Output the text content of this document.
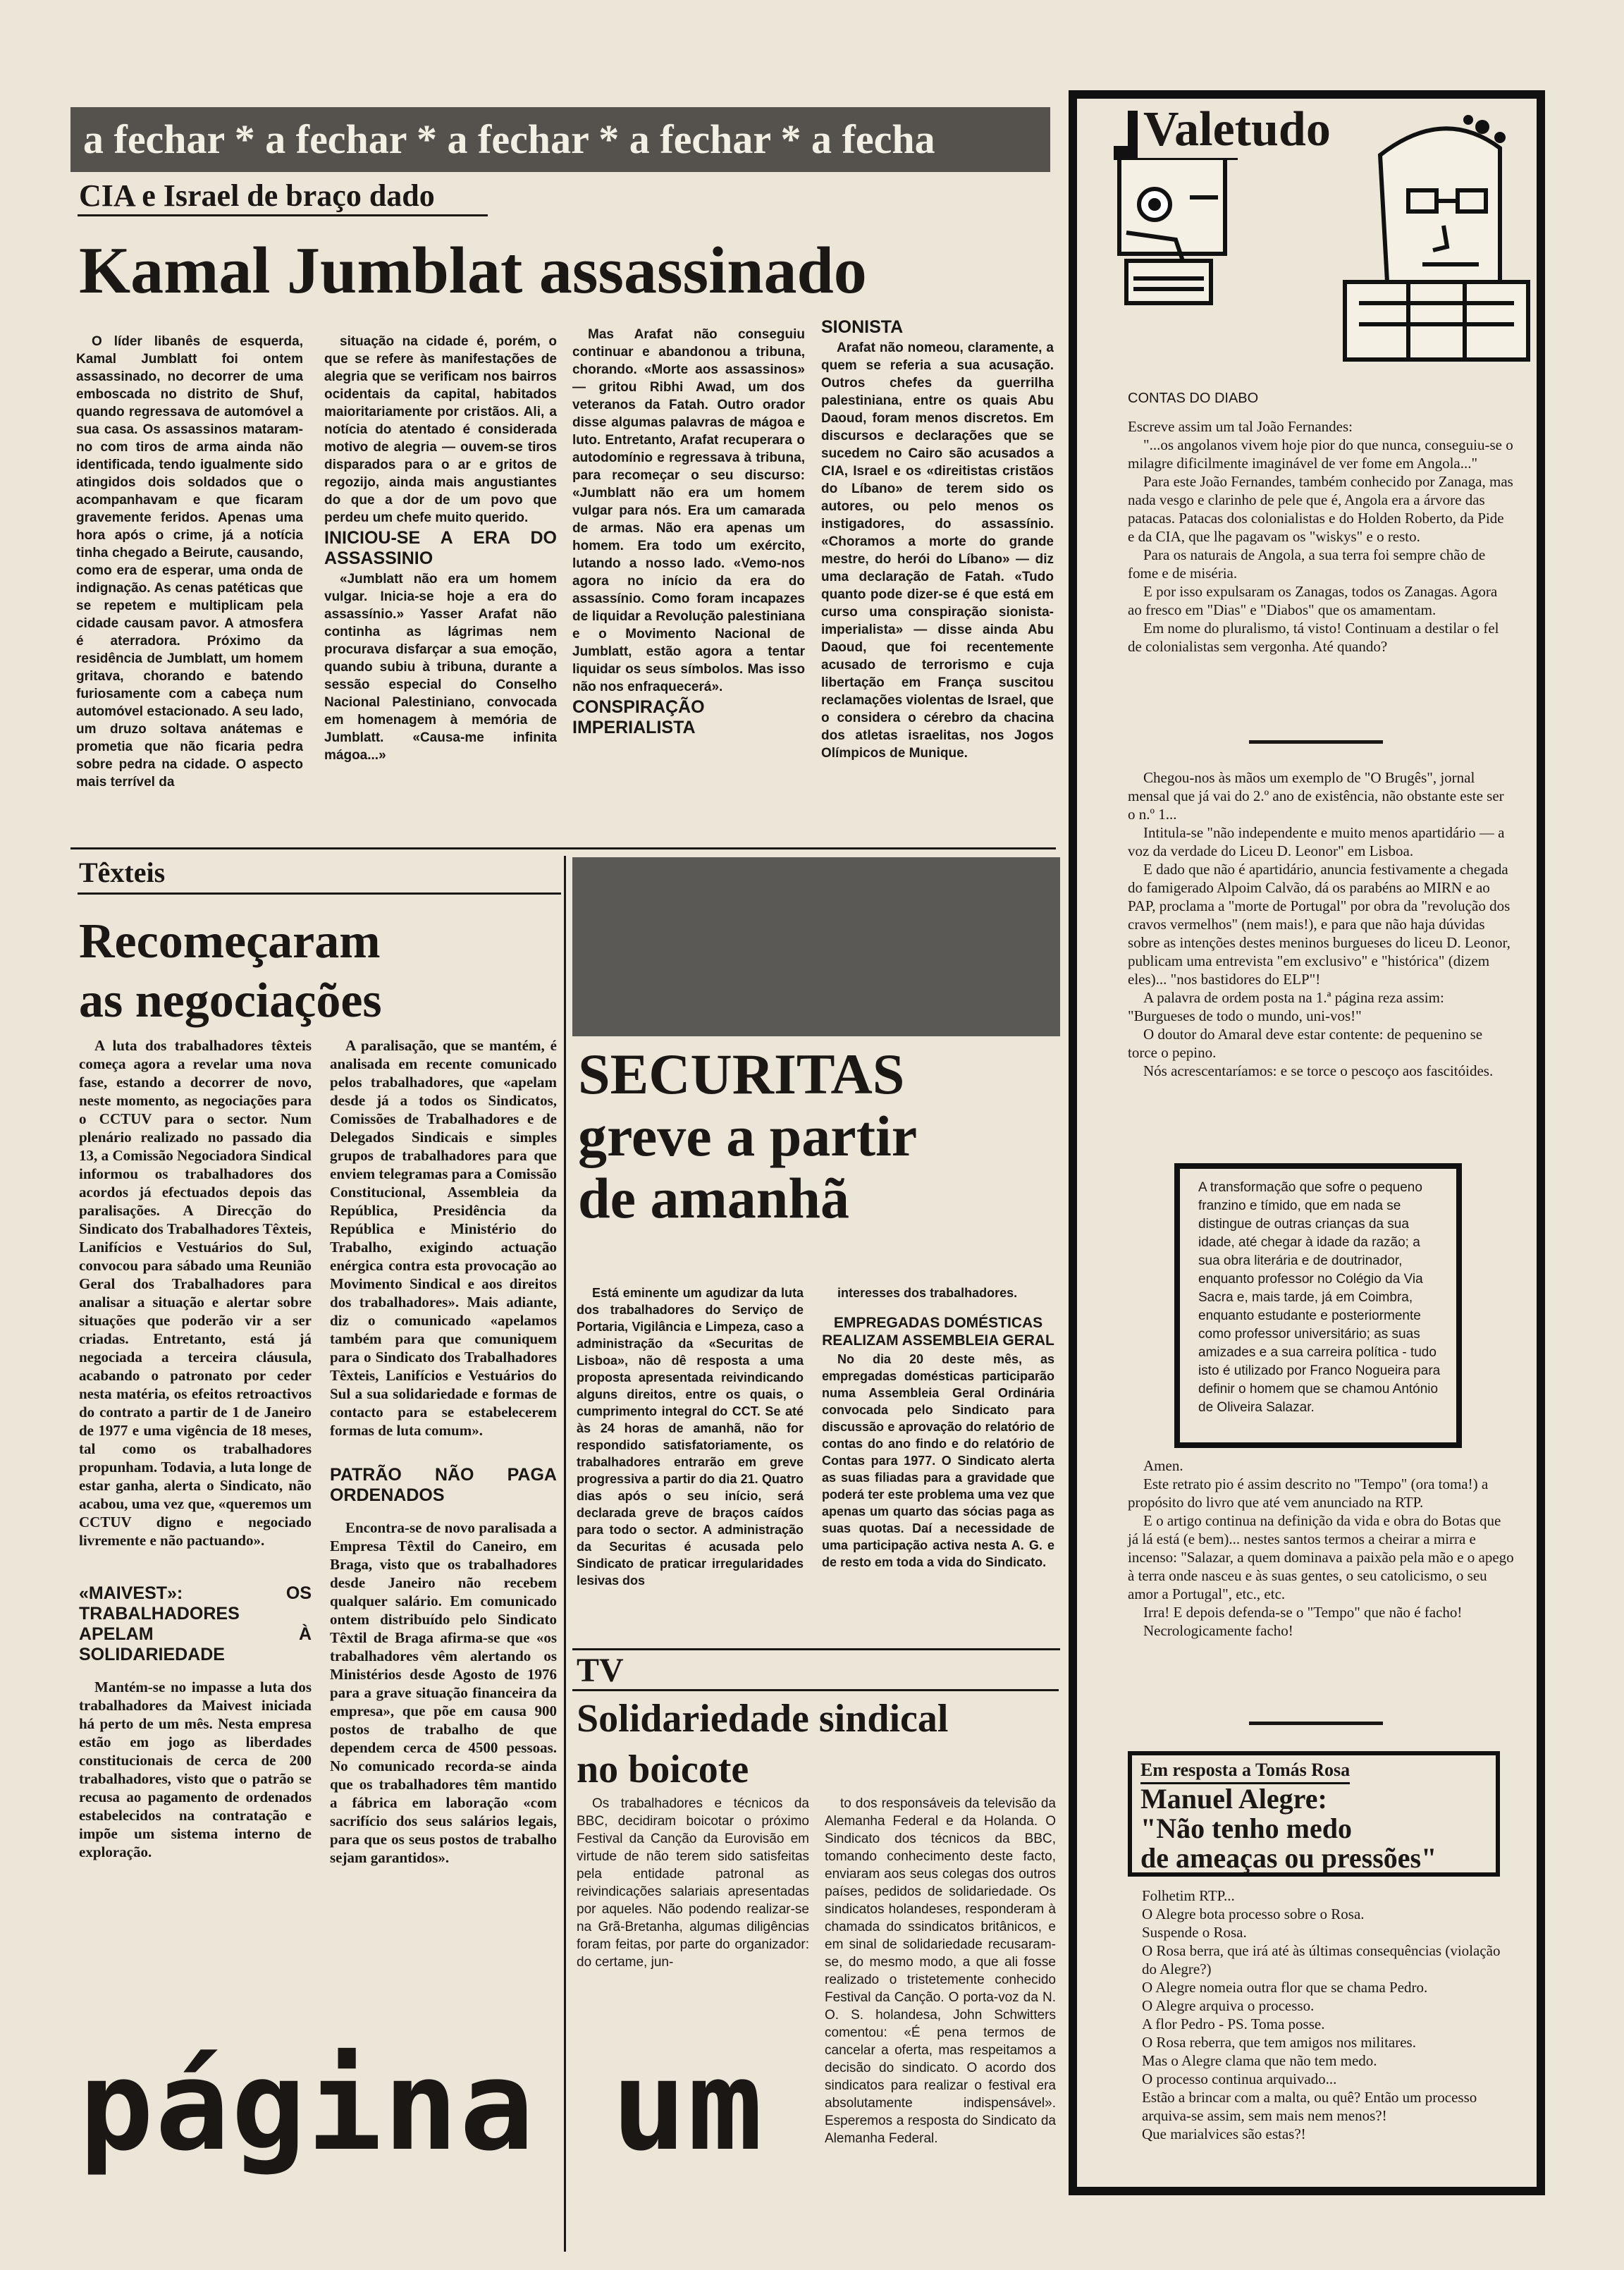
a fechar * a fechar * a fechar * a fechar * a fecha
CIA e Israel de braço dado
Kamal Jumblat assassinado

O líder libanês de esquerda, Kamal Jumblatt foi ontem assassinado, no decorrer de uma emboscada no distrito de Shuf, quando regressava de automóvel a sua casa. Os assassinos mataram-no com tiros de arma ainda não identificada, tendo igualmente sido atingidos dois soldados que o acompanhavam e que ficaram gravemente feridos. Apenas uma hora após o crime, já a notícia tinha chegado a Beirute, causando, como era de esperar, uma onda de indignação. As cenas patéticas que se repetem e multiplicam pela cidade causam pavor. A atmosfera é aterradora. Próximo da residência de Jumblatt, um homem gritava, chorando e batendo furiosamente com a cabeça num automóvel estacionado. A seu lado, um druzo soltava anátemas e prometia que não ficaria pedra sobre pedra na cidade. O aspecto mais terrível da

situação na cidade é, porém, o que se refere às manifestações de alegria que se verificam nos bairros ocidentais da capital, habitados maioritariamente por cristãos. Ali, a notícia do atentado é considerada motivo de alegria — ouvem-se tiros disparados para o ar e gritos de regozijo, ainda mais angustiantes do que a dor de um povo que perdeu um chefe muito querido.

INICIOU-SE A ERA DO ASSASSINIO

«Jumblatt não era um homem vulgar. Inicia-se hoje a era do assassínio.» Yasser Arafat não continha as lágrimas nem procurava disfarçar a sua emoção, quando subiu à tribuna, durante a sessão especial do Conselho Nacional Palestiniano, convocada em homenagem à memória de Jumblatt. «Causa-me infinita mágoa...»

Mas Arafat não conseguiu continuar e abandonou a tribuna, chorando. «Morte aos assassinos» — gritou Ribhi Awad, um dos veteranos da Fatah. Outro orador disse algumas palavras de mágoa e luto. Entretanto, Arafat recuperara o autodomínio e regressava à tribuna, para recomeçar o seu discurso: «Jumblatt não era um homem vulgar para nós. Era um camarada de armas. Não era apenas um homem. Era todo um exército, lutando a nosso lado. «Vemo-nos agora no início da era do assassínio. Como foram incapazes de liquidar a Revolução palestiniana e o Movimento Nacional de Jumblatt, estão agora a tentar liquidar os seus símbolos. Mas isso não nos enfraquecerá».

CONSPIRAÇÃO IMPERIALISTA

SIONISTA

Arafat não nomeou, claramente, a quem se referia a sua acusação. Outros chefes da guerrilha palestiniana, entre os quais Abu Daoud, foram menos discretos. Em discursos e declarações que se sucedem no Cairo são acusados a CIA, Israel e os «direitistas cristãos do Líbano» de terem sido os autores, ou pelo menos os instigadores, do assassínio. «Choramos a morte do grande mestre, do herói do Líbano» — diz uma declaração de Fatah. «Tudo quanto pode dizer-se é que está em curso uma conspiração sionista-imperialista» — disse ainda Abu Daoud, que foi recentemente acusado de terrorismo e cuja libertação em França suscitou reclamações violentas de Israel, que o considera o cérebro da chacina dos atletas israelitas, nos Jogos Olímpicos de Munique.

Têxteis
Recomeçaram
as negociações

A luta dos trabalhadores têxteis começa agora a revelar uma nova fase, estando a decorrer de novo, neste momento, as negociações para o CCTUV para o sector. Num plenário realizado no passado dia 13, a Comissão Negociadora Sindical informou os trabalhadores dos acordos já efectuados depois das paralisações. A Direcção do Sindicato dos Trabalhadores Têxteis, Lanifícios e Vestuários do Sul, convocou para sábado uma Reunião Geral dos Trabalhadores para analisar a situação e alertar sobre situações que poderão vir a ser criadas. Entretanto, está já negociada a terceira cláusula, acabando o patronato por ceder nesta matéria, os efeitos retroactivos do contrato a partir de 1 de Janeiro de 1977 e uma vigência de 18 meses, tal como os trabalhadores propunham. Todavia, a luta longe de estar ganha, alerta o Sindicato, não acabou, uma vez que, «queremos um CCTUV digno e negociado livremente e não pactuando».

«MAIVEST»: OS TRABALHADORES APELAM À SOLIDARIEDADE

Mantém-se no impasse a luta dos trabalhadores da Maivest iniciada há perto de um mês. Nesta empresa estão em jogo as liberdades constitucionais de cerca de 200 trabalhadores, visto que o patrão se recusa ao pagamento de ordenados estabelecidos na contratação e impõe um sistema interno de exploração.

A paralisação, que se mantém, é analisada em recente comunicado pelos trabalhadores, que «apelam desde já a todos os Sindicatos, Comissões de Trabalhadores e de Delegados Sindicais e simples grupos de trabalhadores para que enviem telegramas para a Comissão Constitucional, Assembleia da República, Presidência da República e Ministério do Trabalho, exigindo actuação enérgica contra esta provocação ao Movimento Sindical e aos direitos dos trabalhadores». Mais adiante, diz o comunicado «apelamos também para que comuniquem para o Sindicato dos Trabalhadores Têxteis, Lanifícios e Vestuários do Sul a sua solidariedade e formas de contacto para se estabelecerem formas de luta comum».

PATRÃO NÃO PAGA ORDENADOS

Encontra-se de novo paralisada a Empresa Têxtil do Caneiro, em Braga, visto que os trabalhadores desde Janeiro não recebem qualquer salário. Em comunicado ontem distribuído pelo Sindicato Têxtil de Braga afirma-se que «os trabalhadores vêm alertando os Ministérios desde Agosto de 1976 para a grave situação financeira da empresa», que põe em causa 900 postos de trabalho de que dependem cerca de 4500 pessoas. No comunicado recorda-se ainda que os trabalhadores têm mantido a fábrica em laboração «com sacrifício dos seus salários legais, para que os seus postos de trabalho sejam garantidos».

SECURITAS
greve a partir
de amanhã

Está eminente um agudizar da luta dos trabalhadores do Serviço de Portaria, Vigilância e Limpeza, caso a administração da «Securitas de Lisboa», não dê resposta a uma proposta apresentada reivindicando alguns direitos, entre os quais, o cumprimento integral do CCT. Se até às 24 horas de amanhã, não for respondido satisfatoriamente, os trabalhadores entrarão em greve progressiva a partir do dia 21. Quatro dias após o seu início, será declarada greve de braços caídos para todo o sector. A administração da Securitas é acusada pelo Sindicato de praticar irregularidades lesivas dos

interesses dos trabalhadores.

EMPREGADAS DOMÉSTICAS REALIZAM ASSEMBLEIA GERAL

No dia 20 deste mês, as empregadas domésticas participarão numa Assembleia Geral Ordinária convocada pelo Sindicato para discussão e aprovação do relatório de contas do ano findo e do relatório de Contas para 1977. O Sindicato alerta as suas filiadas para a gravidade que poderá ter este problema uma vez que apenas um quarto das sócias paga as suas quotas. Daí a necessidade de uma participação activa nesta A. G. e de resto em toda a vida do Sindicato.

TV
Solidariedade sindical
no boicote

Os trabalhadores e técnicos da BBC, decidiram boicotar o próximo Festival da Canção da Eurovisão em virtude de não terem sido satisfeitas pela entidade patronal as reivindicações salariais apresentadas por aqueles. Não podendo realizar-se na Grã-Bretanha, algumas diligências foram feitas, por parte do organizador: do certame, jun-

to dos responsáveis da televisão da Alemanha Federal e da Holanda. O Sindicato dos técnicos da BBC, tomando conhecimento deste facto, enviaram aos seus colegas dos outros países, pedidos de solidariedade. Os sindicatos holandeses, responderam à chamada do ssindicatos britânicos, e em sinal de solidariedade recusaram-se, do mesmo modo, a que ali fosse realizado o tristetemente conhecido Festival da Canção. O porta-voz da N. O. S. holandesa, John Schwitters comentou: «É pena termos de cancelar a oferta, mas respeitamos a decisão do sindicato. O acordo dos sindicatos para realizar o festival era absolutamente indispensável». Esperemos a resposta do Sindicato da Alemanha Federal.

página um
Valetudo

CONTAS DO DIABO

Escreve assim um tal João Fernandes:

"...os angolanos vivem hoje pior do que nunca, conseguiu-se o milagre dificilmente imaginável de ver fome em Angola..."

Para este João Fernandes, também conhecido por Zanaga, mas nada vesgo e clarinho de pele que é, Angola era a árvore das patacas. Patacas dos colonialistas e do Holden Roberto, da Pide e da CIA, que lhe pagavam os "wiskys" e o resto.

Para os naturais de Angola, a sua terra foi sempre chão de fome e de miséria.

E por isso expulsaram os Zanagas, todos os Zanagas. Agora ao fresco em "Dias" e "Diabos" que os amamentam.

Em nome do pluralismo, tá visto! Continuam a destilar o fel de colonialistas sem vergonha. Até quando?

Chegou-nos às mãos um exemplo de "O Brugês", jornal mensal que já vai do 2.º ano de existência, não obstante este ser o n.º 1...

Intitula-se "não independente e muito menos apartidário — a voz da verdade do Liceu D. Leonor" em Lisboa.

E dado que não é apartidário, anuncia festivamente a chegada do famigerado Alpoim Calvão, dá os parabéns ao MIRN e ao PAP, proclama a "morte de Portugal" por obra da "revolução dos cravos vermelhos" (nem mais!), e para que não haja dúvidas sobre as intenções destes meninos burgueses do liceu D. Leonor, publicam uma entrevista "em exclusivo" e "histórica" (dizem eles)... "nos bastidores do ELP"!

A palavra de ordem posta na 1.ª página reza assim: "Burgueses de todo o mundo, uni-vos!"

O doutor do Amaral deve estar contente: de pequenino se torce o pepino.

Nós acrescentaríamos: e se torce o pescoço aos fascitóides.

A transformação que sofre o pequeno franzino e tímido, que em nada se distingue de outras crianças da sua idade, até chegar à idade da razão; a sua obra literária e de doutrinador, enquanto professor no Colégio da Via Sacra e, mais tarde, já em Coimbra, enquanto estudante e posteriormente como professor universitário; as suas amizades e a sua carreira política - tudo isto é utilizado por Franco Nogueira para definir o homem que se chamou António de Oliveira Salazar.

Amen.

Este retrato pio é assim descrito no "Tempo" (ora toma!) a propósito do livro que até vem anunciado na RTP.

E o artigo continua na definição da vida e obra do Botas que já lá está (e bem)... nestes santos termos a cheirar a mirra e incenso: "Salazar, a quem dominava a paixão pela mão e o apego à terra onde nasceu e às suas gentes, o seu catolicismo, o seu amor a Portugal", etc., etc.

Irra! E depois defenda-se o "Tempo" que não é facho!

Necrologicamente facho!

Em resposta a Tomás Rosa
Manuel Alegre:
"Não tenho medo
de ameaças ou pressões"

Folhetim RTP...

O Alegre bota processo sobre o Rosa.

Suspende o Rosa.

O Rosa berra, que irá até às últimas consequências (violação do Alegre?)

O Alegre nomeia outra flor que se chama Pedro.

O Alegre arquiva o processo.

A flor Pedro - PS. Toma posse.

O Rosa reberra, que tem amigos nos militares.

Mas o Alegre clama que não tem medo.

O processo continua arquivado...

Estão a brincar com a malta, ou quê? Então um processo arquiva-se assim, sem mais nem menos?!

Que marialvices são estas?!
